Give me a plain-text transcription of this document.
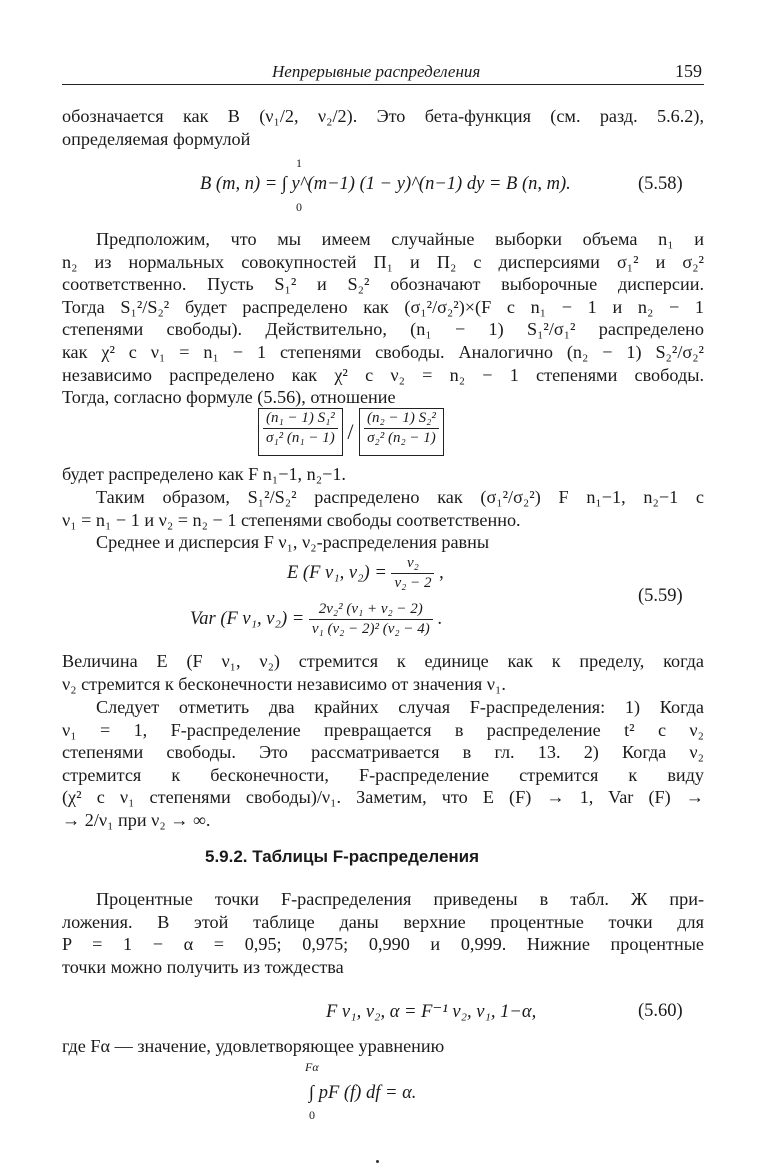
Непрерывные распределения	159
обозначается как B (ν₁/2, ν₂/2). Это бета-функция (см. разд. 5.6.2),
определяемая формулой
1
B (m, n) = ∫ y^(m−1) (1 − y)^(n−1) dy = B (n, m).
0
(5.58)
Предположим, что мы имеем случайные выборки объема n₁ и
n₂ из нормальных совокупностей Π₁ и Π₂ с дисперсиями σ₁² и σ₂²
соответственно. Пусть S₁² и S₂² обозначают выборочные дисперсии.
Тогда S₁²/S₂² будет распределено как (σ₁²/σ₂²)×(F с n₁ − 1 и n₂ − 1
степенями свободы). Действительно, (n₁ − 1) S₁²/σ₁² распределено
как χ² с ν₁ = n₁ − 1 степенями свободы. Аналогично (n₂ − 1) S₂²/σ₂²
независимо распределено как χ² с ν₂ = n₂ − 1 степенями свободы.
Тогда, согласно формуле (5.56), отношение
$\frac{\text{(n₁ − 1) S₁²}}{\text{σ₁² (n₁ − 1)}} / \frac{\text{(n₂ − 1) S₂²}}{\text{σ₂² (n₂ − 1)}}$
будет распределено как F n₁−1, n₂−1.
Таким образом, S₁²/S₂² распределено как (σ₁²/σ₂²) F n₁−1, n₂−1 с
ν₁ = n₁ − 1 и ν₂ = n₂ − 1 степенями свободы соответственно.
Среднее и дисперсия F ν₁, ν₂-распределения равны
E (F ν₁, $\nu_2) = \frac{\text{ν₂}}{\text{ν₂ − 2}}$ ,
Var (F ν₁, $\nu_2) = \frac{\text{2ν₂² (ν₁ + ν₂ − 2)}}{\text{ν₁ (ν₂ − 2)² (ν₂ − 4)}}$ .
(5.59)
Величина E (F ν₁, ν₂) стремится к единице как к пределу, когда
ν₂ стремится к бесконечности независимо от значения ν₁.
Следует отметить два крайних случая F-распределения: 1) Когда
ν₁ = 1, F-распределение превращается в распределение t² с ν₂
степенями свободы. Это рассматривается в гл. 13. 2) Когда ν₂
стремится к бесконечности, F-распределение стремится к виду
(χ² с ν₁ степенями свободы)/ν₁. Заметим, что E (F) → 1, Var (F) →
→ 2/ν₁ при ν₂ → ∞.
5.9.2. Таблицы F-распределения
Процентные точки F-распределения приведены в табл. Ж при-
ложения. В этой таблице даны верхние процентные точки для
P = 1 − α = 0,95; 0,975; 0,990 и 0,999. Нижние процентные
точки можно получить из тождества
F ν₁, ν₂, α = F⁻¹ ν₂, ν₁, 1−α,	(5.60)
где Fα — значение, удовлетворяющее уравнению
Fα
∫ pF (f) df = α.
0
